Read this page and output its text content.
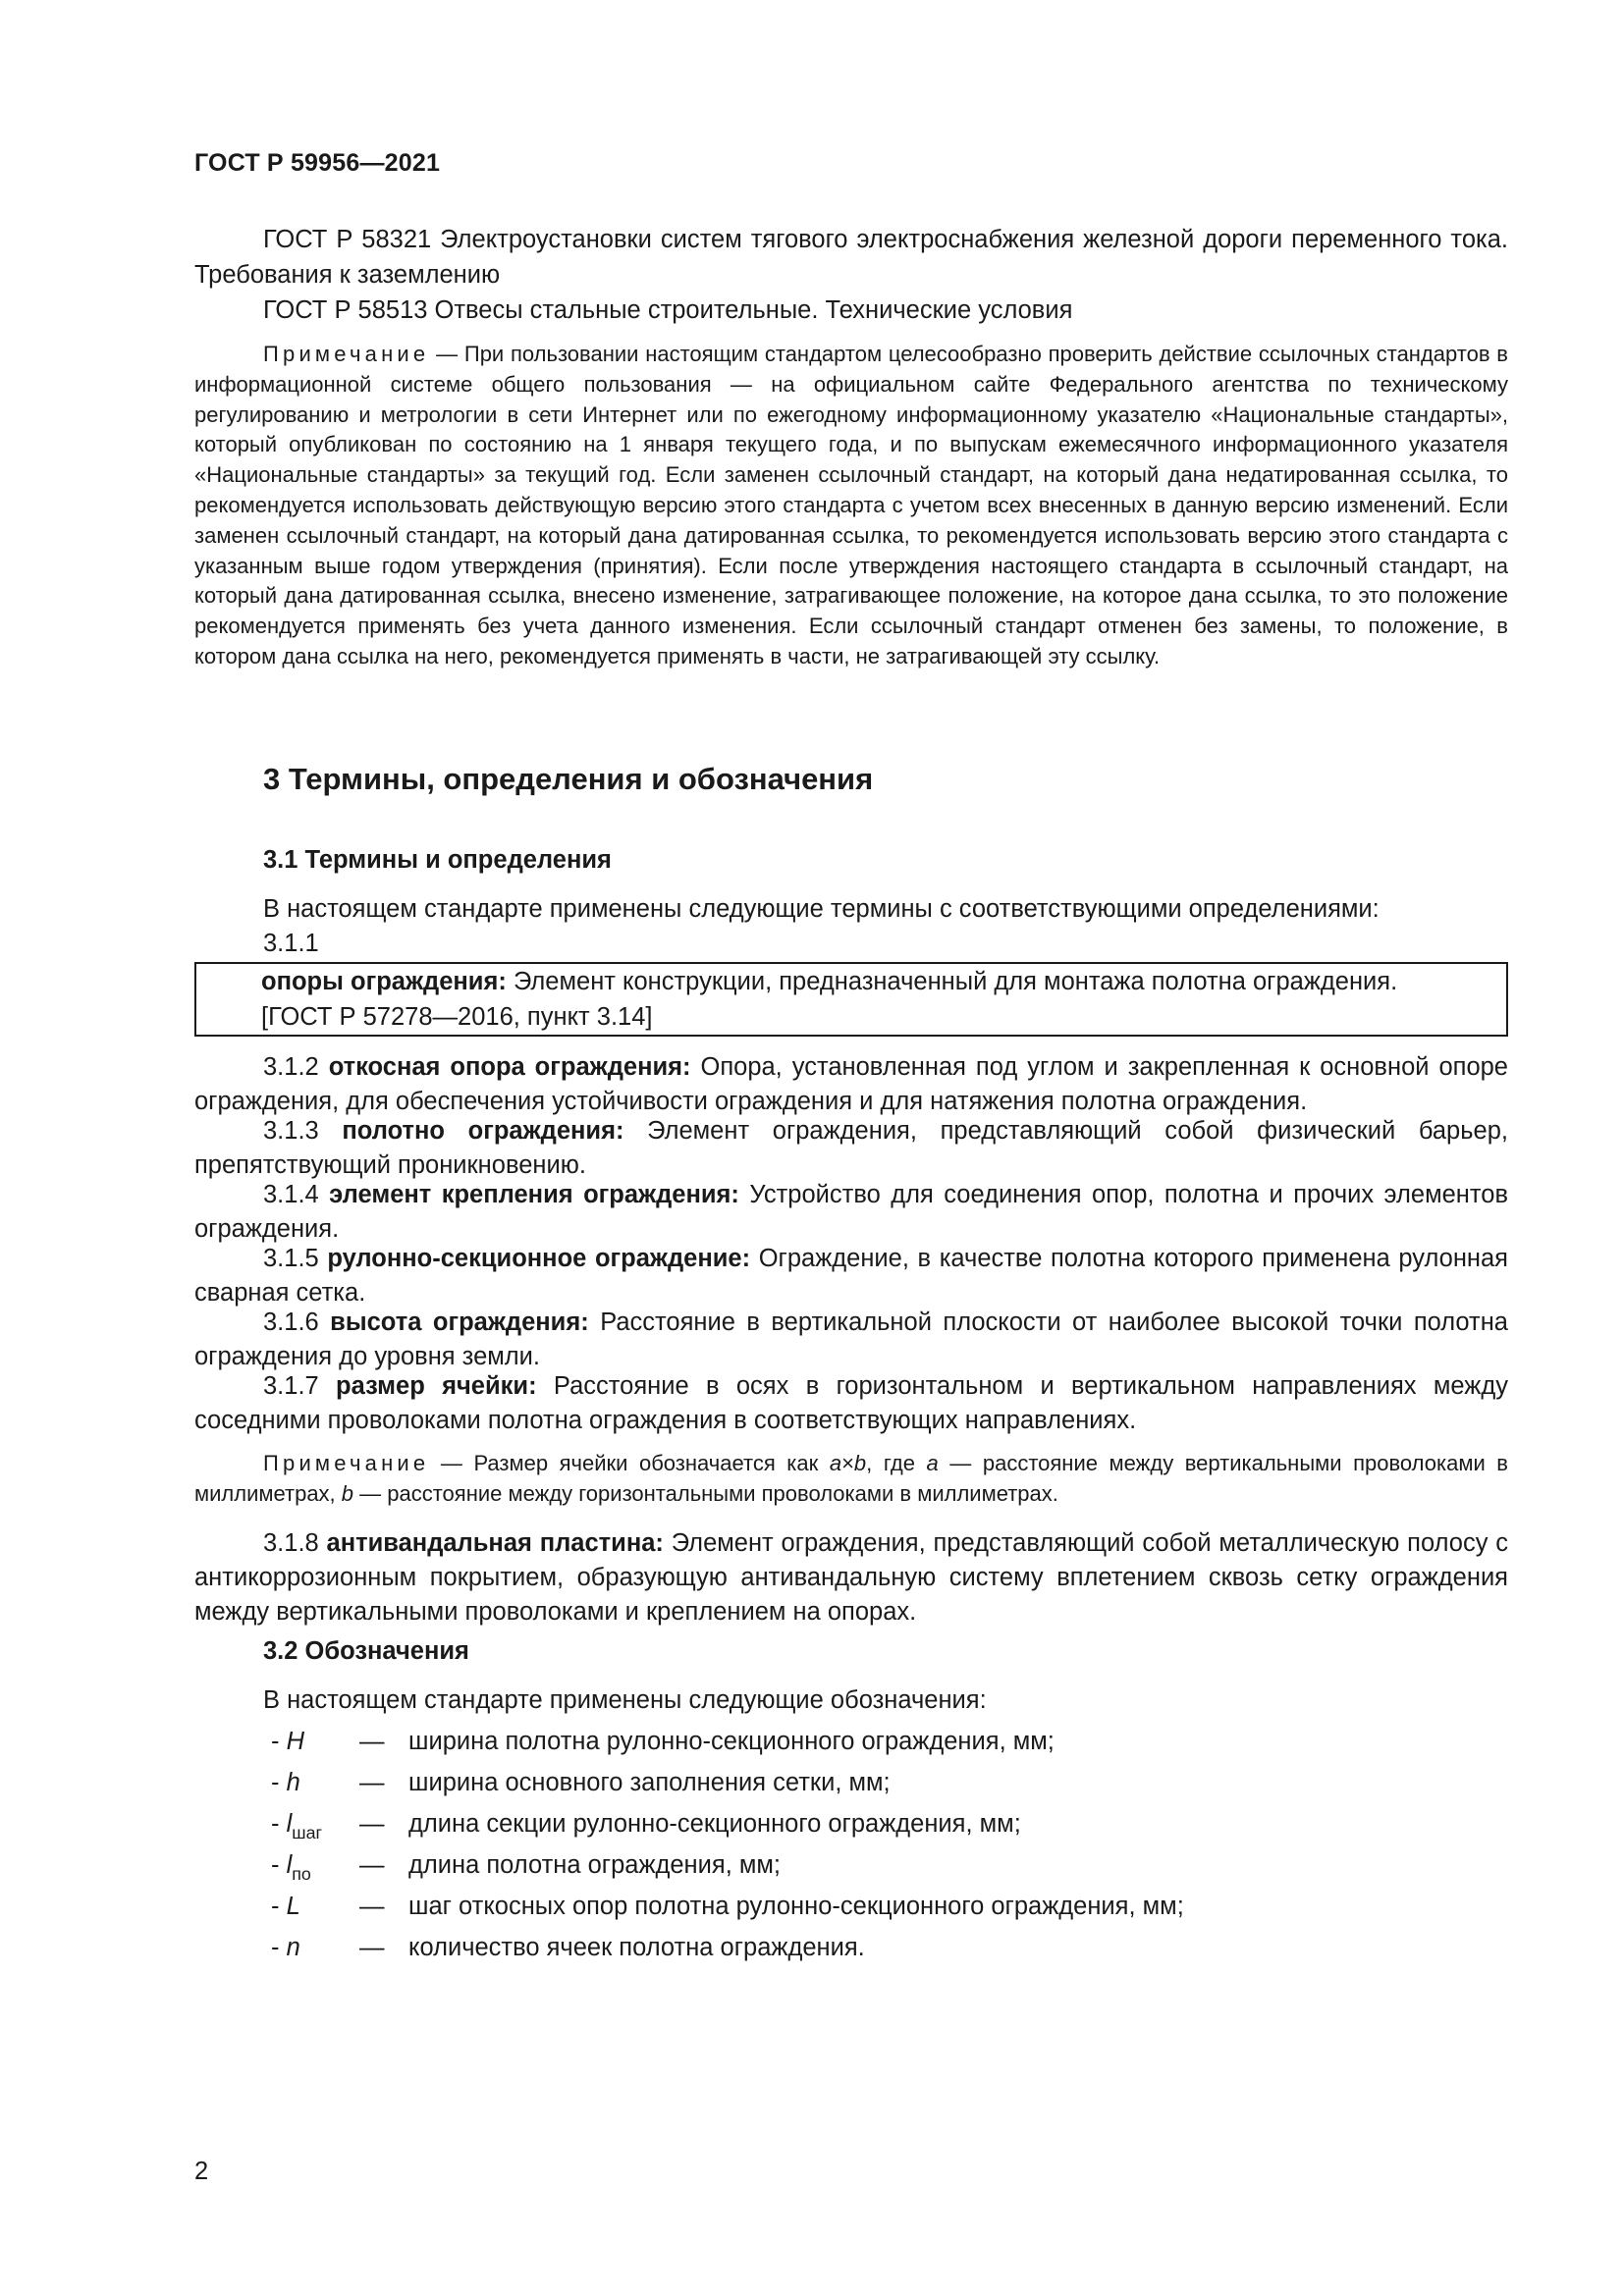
ГОСТ Р 59956—2021

ГОСТ Р 58321 Электроустановки систем тягового электроснабжения железной дороги переменного тока. Требования к заземлению

ГОСТ Р 58513 Отвесы стальные строительные. Технические условия

Примечание — При пользовании настоящим стандартом целесообразно проверить действие ссылочных стандартов в информационной системе общего пользования — на официальном сайте Федерального агентства по техническому регулированию и метрологии в сети Интернет или по ежегодному информационному указателю «Национальные стандарты», который опубликован по состоянию на 1 января текущего года, и по выпускам ежемесячного информационного указателя «Национальные стандарты» за текущий год. Если заменен ссылочный стандарт, на который дана недатированная ссылка, то рекомендуется использовать действующую версию этого стандарта с учетом всех внесенных в данную версию изменений. Если заменен ссылочный стандарт, на который дана датированная ссылка, то рекомендуется использовать версию этого стандарта с указанным выше годом утверждения (принятия). Если после утверждения настоящего стандарта в ссылочный стандарт, на который дана датированная ссылка, внесено изменение, затрагивающее положение, на которое дана ссылка, то это положение рекомендуется применять без учета данного изменения. Если ссылочный стандарт отменен без замены, то положение, в котором дана ссылка на него, рекомендуется применять в части, не затрагивающей эту ссылку.

3 Термины, определения и обозначения
3.1 Термины и определения

В настоящем стандарте применены следующие термины с соответствующими определениями:

3.1.1

опоры ограждения: Элемент конструкции, предназначенный для монтажа полотна ограждения.
[ГОСТ Р 57278—2016, пункт 3.14]

3.1.2 откосная опора ограждения: Опора, установленная под углом и закрепленная к основной опоре ограждения, для обеспечения устойчивости ограждения и для натяжения полотна ограждения.

3.1.3 полотно ограждения: Элемент ограждения, представляющий собой физический барьер, препятствующий проникновению.

3.1.4 элемент крепления ограждения: Устройство для соединения опор, полотна и прочих элементов ограждения.

3.1.5 рулонно-секционное ограждение: Ограждение, в качестве полотна которого применена рулонная сварная сетка.

3.1.6 высота ограждения: Расстояние в вертикальной плоскости от наиболее высокой точки полотна ограждения до уровня земли.

3.1.7 размер ячейки: Расстояние в осях в горизонтальном и вертикальном направлениях между соседними проволоками полотна ограждения в соответствующих направлениях.

Примечание — Размер ячейки обозначается как a×b, где a — расстояние между вертикальными проволоками в миллиметрах, b — расстояние между горизонтальными проволоками в миллиметрах.

3.1.8 антивандальная пластина: Элемент ограждения, представляющий собой металлическую полосу с антикоррозионным покрытием, образующую антивандальную систему вплетением сквозь сетку ограждения между вертикальными проволоками и креплением на опорах.

3.2 Обозначения

В настоящем стандарте применены следующие обозначения:

- H — ширина полотна рулонно-секционного ограждения, мм;
- h — ширина основного заполнения сетки, мм;
- $l_{шаг}$ — длина секции рулонно-секционного ограждения, мм;
- $l_{по}$ — длина полотна ограждения, мм;
- L — шаг откосных опор полотна рулонно-секционного ограждения, мм;
- n — количество ячеек полотна ограждения.
2
